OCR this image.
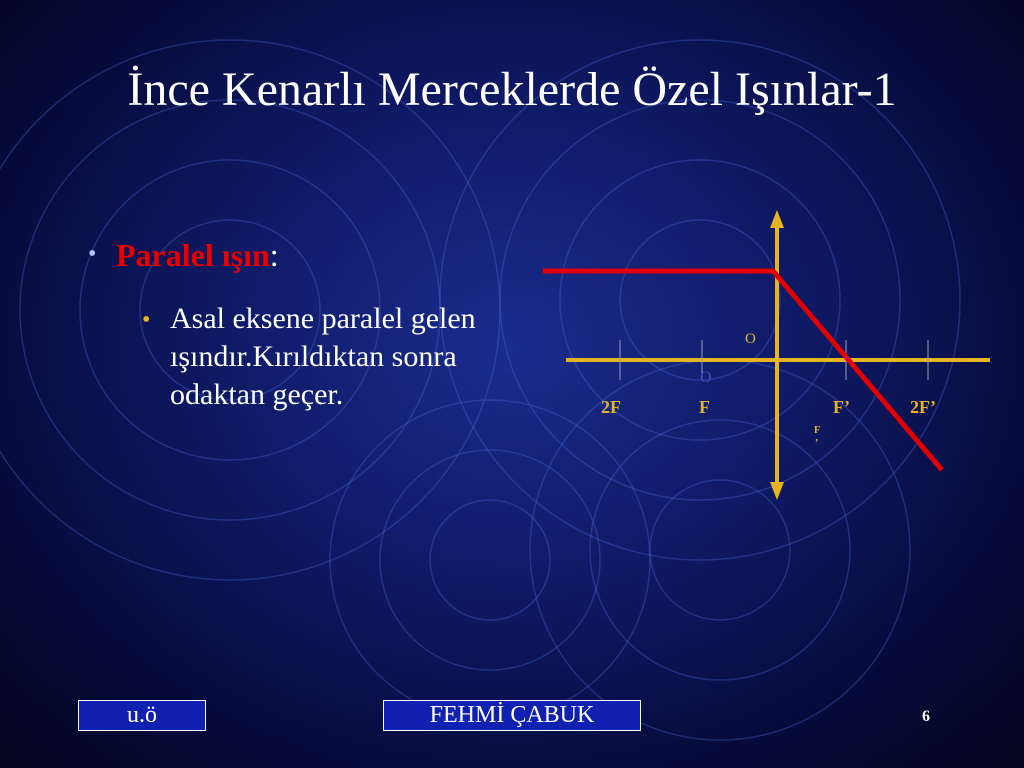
İnce Kenarlı Merceklerde Özel Işınlar-1
• Paralel ışın:
• Asal eksene paralel gelen ışındır.Kırıldıktan sonra odaktan geçer.
O
O
2F	F	F’	2F’
F
’
u.ö	FEHMİ ÇABUK	6
